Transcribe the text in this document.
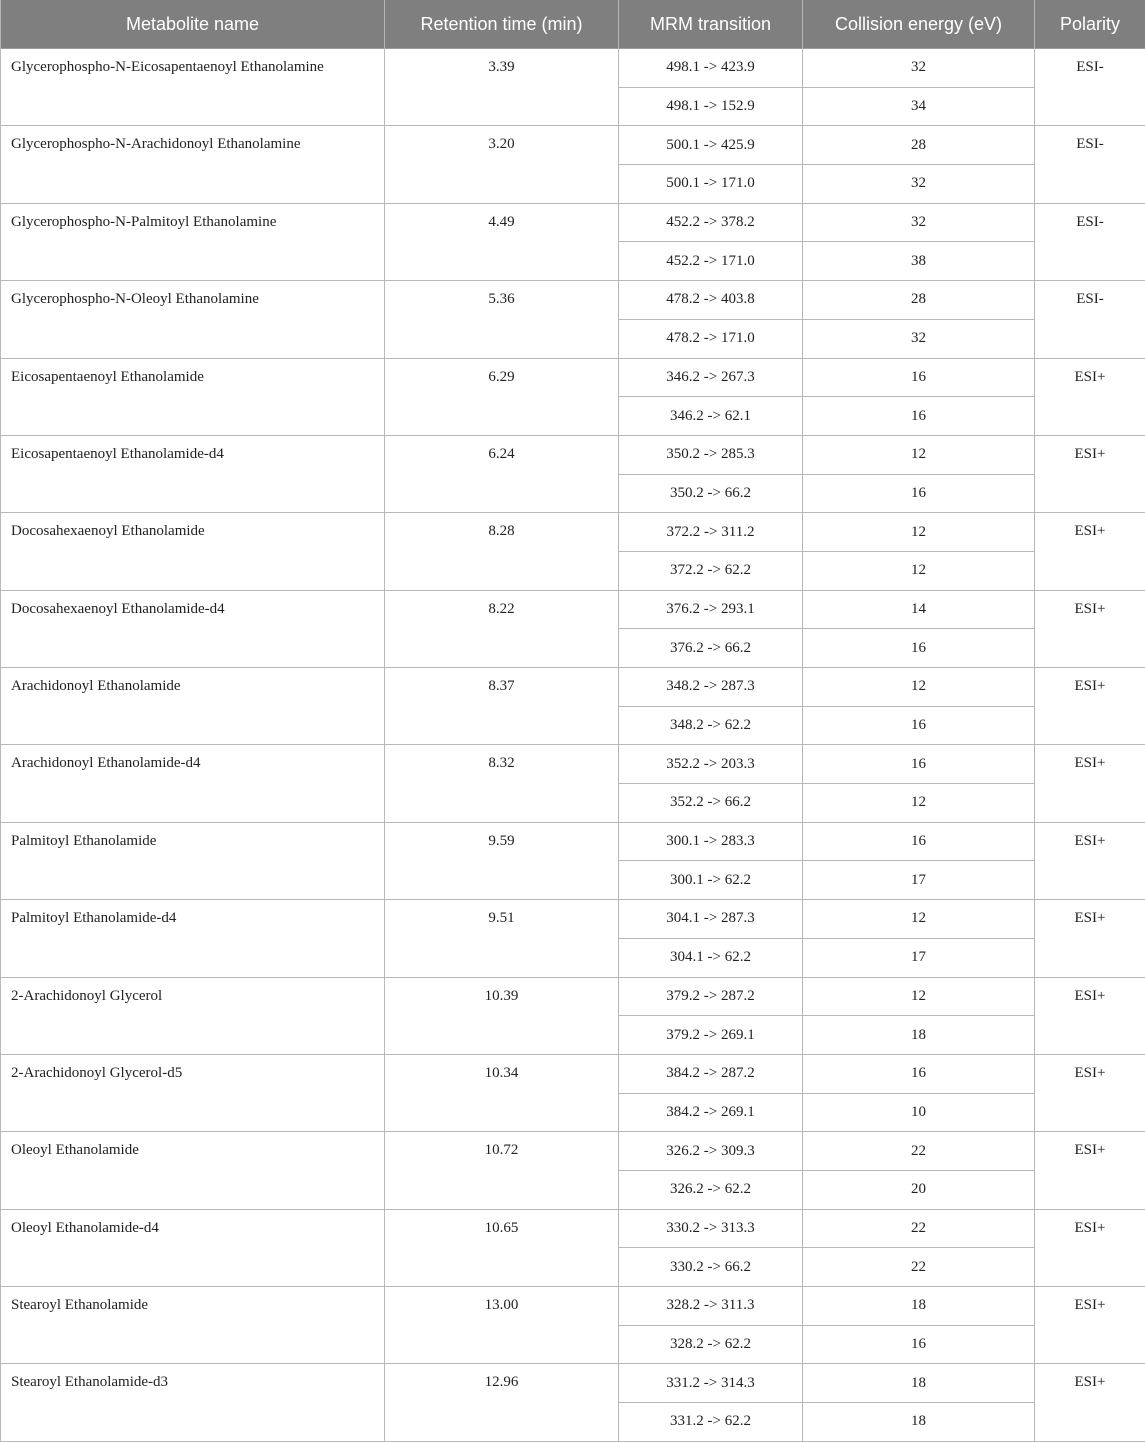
Metabolite name	Retention time (min)	MRM transition	Collision energy (eV)	Polarity
Glycerophospho-N-Eicosapentaenoyl Ethanolamine	3.39	498.1 -> 423.9	32	ESI-
		498.1 -> 152.9	34	
Glycerophospho-N-Arachidonoyl Ethanolamine	3.20	500.1 -> 425.9	28	ESI-
		500.1 -> 171.0	32	
Glycerophospho-N-Palmitoyl Ethanolamine	4.49	452.2 -> 378.2	32	ESI-
		452.2 -> 171.0	38	
Glycerophospho-N-Oleoyl Ethanolamine	5.36	478.2 -> 403.8	28	ESI-
		478.2 -> 171.0	32	
Eicosapentaenoyl Ethanolamide	6.29	346.2 -> 267.3	16	ESI+
		346.2 -> 62.1	16	
Eicosapentaenoyl Ethanolamide-d4	6.24	350.2 -> 285.3	12	ESI+
		350.2 -> 66.2	16	
Docosahexaenoyl Ethanolamide	8.28	372.2 -> 311.2	12	ESI+
		372.2 -> 62.2	12	
Docosahexaenoyl Ethanolamide-d4	8.22	376.2 -> 293.1	14	ESI+
		376.2 -> 66.2	16	
Arachidonoyl Ethanolamide	8.37	348.2 -> 287.3	12	ESI+
		348.2 -> 62.2	16	
Arachidonoyl Ethanolamide-d4	8.32	352.2 -> 203.3	16	ESI+
		352.2 -> 66.2	12	
Palmitoyl Ethanolamide	9.59	300.1 -> 283.3	16	ESI+
		300.1 -> 62.2	17	
Palmitoyl Ethanolamide-d4	9.51	304.1 -> 287.3	12	ESI+
		304.1 -> 62.2	17	
2-Arachidonoyl Glycerol	10.39	379.2 -> 287.2	12	ESI+
		379.2 -> 269.1	18	
2-Arachidonoyl Glycerol-d5	10.34	384.2 -> 287.2	16	ESI+
		384.2 -> 269.1	10	
Oleoyl Ethanolamide	10.72	326.2 -> 309.3	22	ESI+
		326.2 -> 62.2	20	
Oleoyl Ethanolamide-d4	10.65	330.2 -> 313.3	22	ESI+
		330.2 -> 66.2	22	
Stearoyl Ethanolamide	13.00	328.2 -> 311.3	18	ESI+
		328.2 -> 62.2	16	
Stearoyl Ethanolamide-d3	12.96	331.2 -> 314.3	18	ESI+
		331.2 -> 62.2	18	
